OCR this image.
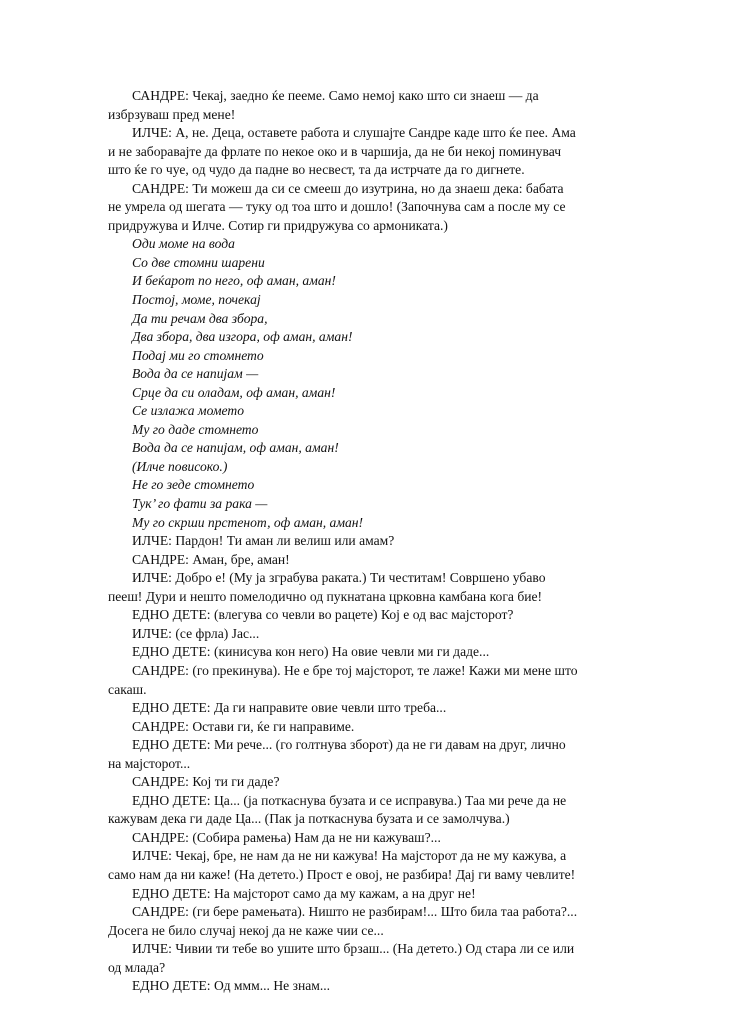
САНДРЕ: Чекај, заедно ќе пееме. Само немој како што си знаеш — да
избрзуваш пред мене!
ИЛЧЕ: А, не. Деца, оставете работа и слушајте Сандре каде што ќе пее. Ама
и не заборавајте да фрлате по некое око и в чаршија, да не би некој поминувач
што ќе го чуе, од чудо да падне во несвест, та да истрчате да го дигнете.
САНДРЕ: Ти можеш да си се смееш до изутрина, но да знаеш дека: бабата
не умрела од шегата — туку од тоа што и дошло! (Започнува сам а после му се
придружува и Илче. Сотир ги придружува со армониката.)
Оди моме на вода
Со две стомни шарени
И беќарот по него, оф аман, аман!
Постој, моме, почекај
Да ти речам два збора,
Два збора, два изгора, оф аман, аман!
Подај ми го стомнето
Вода да се напијам —
Срце да си оладам, оф аман, аман!
Се излажа момето
Му го даде стомнето
Вода да се напијам, оф аман, аман!
(Илче повисоко.)
Не го зеде стомнето
Тук’ го фати за рака —
Му го скрши прстенот, оф аман, аман!
ИЛЧЕ: Пардон! Ти аман ли велиш или амам?
САНДРЕ: Аман, бре, аман!
ИЛЧЕ: Добро е! (Му ја зграбува раката.) Ти честитам! Совршено убаво
пееш! Дури и нешто помелодично од пукнатана црковна камбана кога бие!
ЕДНО ДЕТЕ: (влегува со чевли во рацете) Кој е од вас мајсторот?
ИЛЧЕ: (се фрла) Јас...
ЕДНО ДЕТЕ: (кинисува кон него) На овие чевли ми ги даде...
САНДРЕ: (го прекинува). Не е бре тој мајсторот, те лаже! Кажи ми мене што
сакаш.
ЕДНО ДЕТЕ: Да ги направите овие чевли што треба...
САНДРЕ: Остави ги, ќе ги направиме.
ЕДНО ДЕТЕ: Ми рече... (го голтнува зборот) да не ги давам на друг, лично
на мајсторот...
САНДРЕ: Кој ти ги даде?
ЕДНО ДЕТЕ: Ца... (ја поткаснува бузата и се исправува.) Таа ми рече да не
кажувам дека ги даде Ца... (Пак ја поткаснува бузата и се замолчува.)
САНДРЕ: (Собира рамења) Нам да не ни кажуваш?...
ИЛЧЕ: Чекај, бре, не нам да не ни кажува! На мајсторот да не му кажува, а
само нам да ни каже! (На детето.) Прост е овој, не разбира! Дај ги ваму чевлите!
ЕДНО ДЕТЕ: На мајсторот само да му кажам, а на друг не!
САНДРЕ: (ги бере рамењата). Ништо не разбирам!... Што била таа работа?...
Досега не било случај некој да не каже чии се...
ИЛЧЕ: Чивии ти тебе во ушите што брзаш... (На детето.) Од стара ли се или
од млада?
ЕДНО ДЕТЕ: Од ммм... Не знам...
